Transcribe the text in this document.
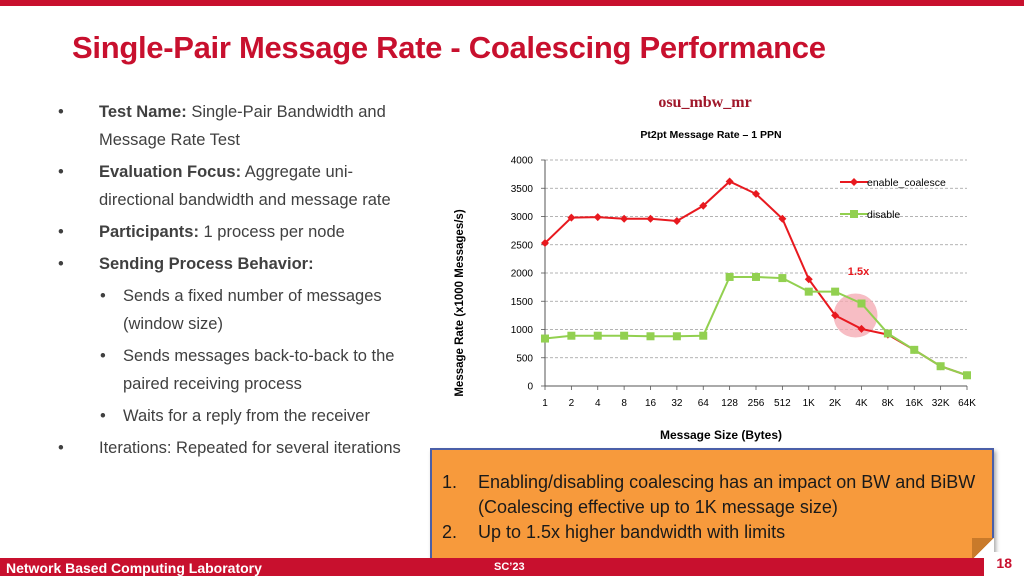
Single-Pair Message Rate - Coalescing Performance
• Test Name: Single-Pair Bandwidth and Message Rate Test
• Evaluation Focus: Aggregate uni-directional bandwidth and message rate
• Participants: 1 process per node
• Sending Process Behavior:
• Sends a fixed number of messages (window size)
• Sends messages back-to-back to the paired receiving process
• Waits for a reply from the receiver
• Iterations: Repeated for several iterations
osu_mbw_mr
Pt2pt Message Rate – 1 PPN
Message Rate (x1000 Messages/s)
Message Size (Bytes)
0
500
1000
1500
2000
2500
3000
3500
4000
1 2 4 8 16 32 64 128 256 512 1K 2K 4K 8K 16K 32K 64K
1.5x
enable_coalesce
disable
1. Enabling/disabling coalescing has an impact on BW and BiBW (Coalescing effective up to 1K message size)
2. Up to 1.5x higher bandwidth with limits
Network Based Computing Laboratory	SC’23	18
